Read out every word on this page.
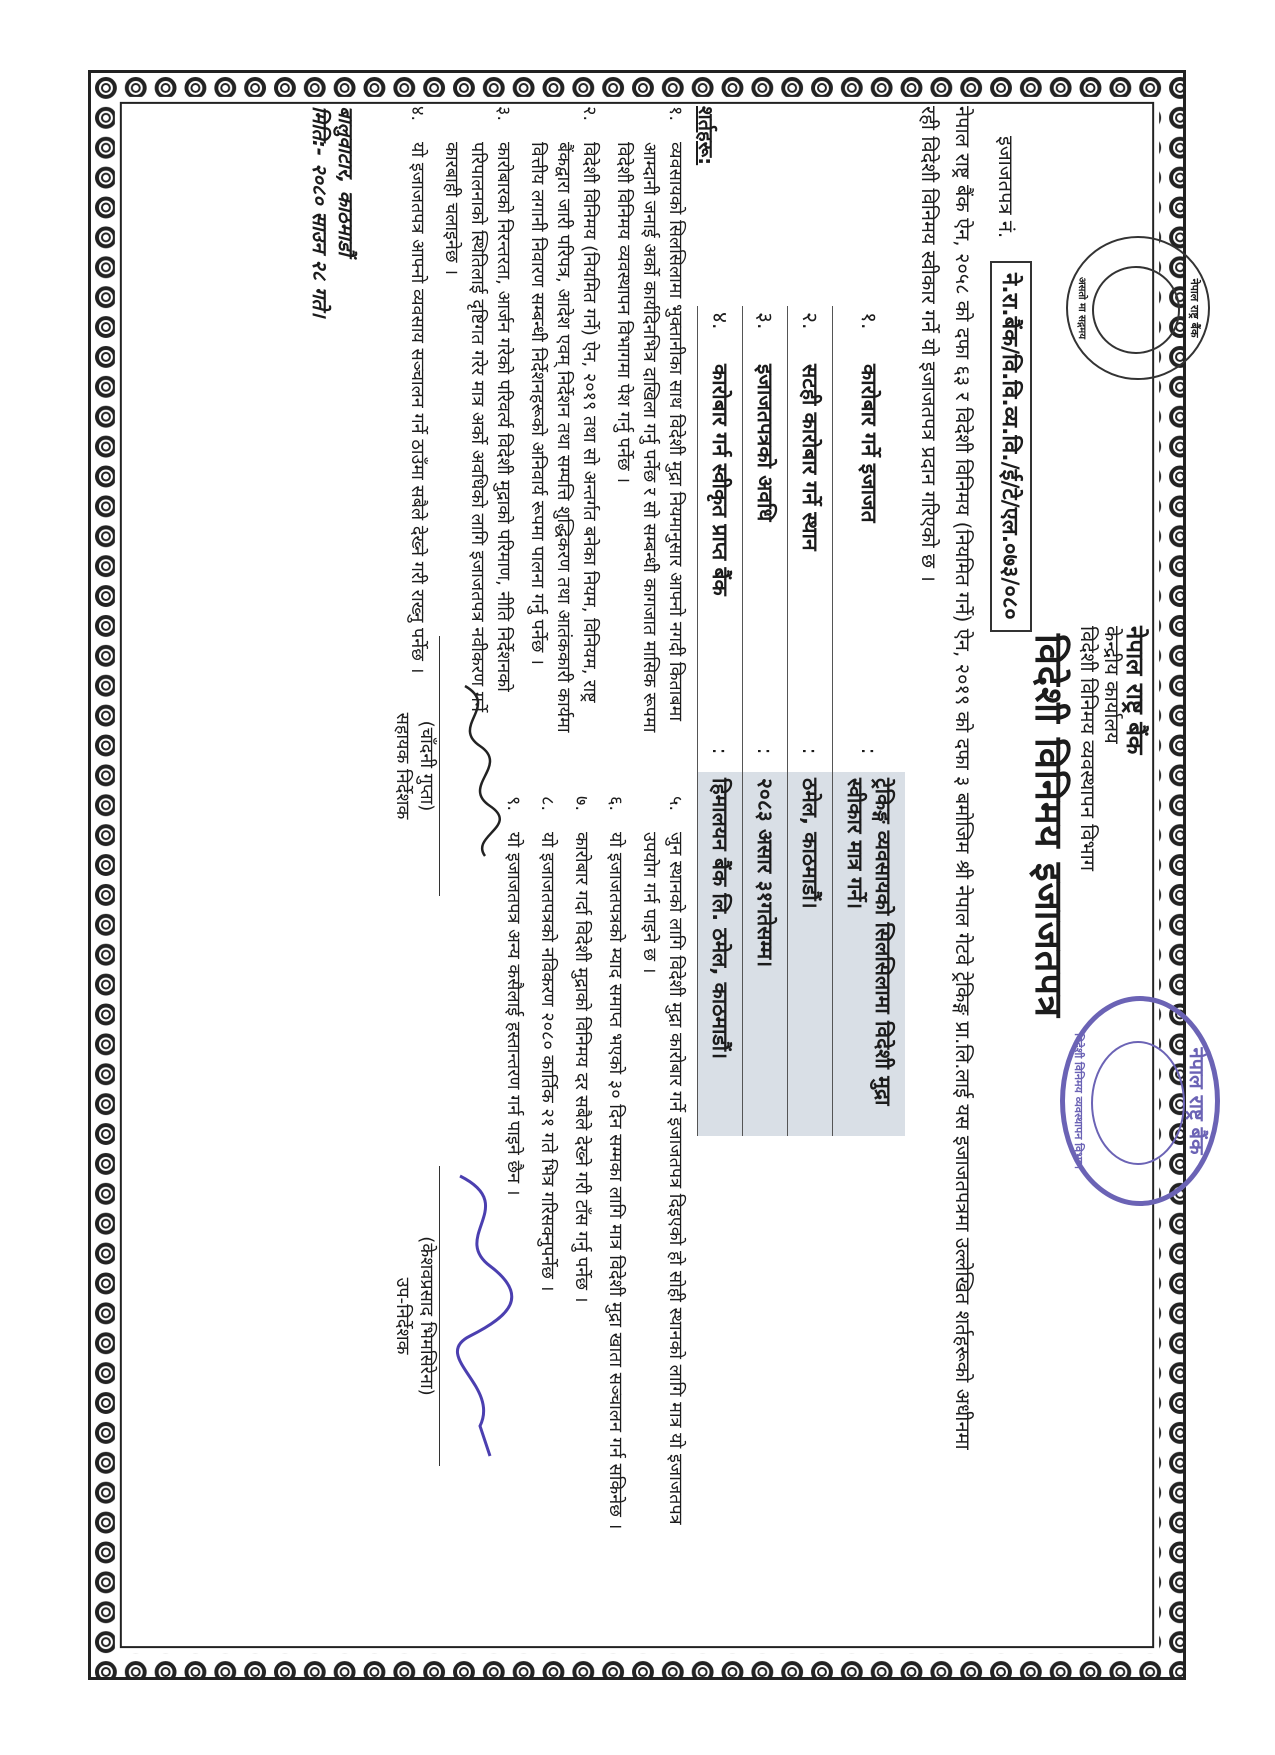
नेपाल राष्ट्र बैंक
असतो मा सद्गमय
नेपाल राष्ट्र बैंक
विदेशी विनिमय व्यवस्थापन विभाग
नेपाल राष्ट्र बैंक
केन्द्रीय कार्यालय
विदेशी विनिमय व्यवस्थापन विभाग
विदेशी विनिमय इजाजतपत्र
इजाजतपत्र नं.
ने.रा.बैंक/वि.वि.व्य.वि./ई/टे/एल.०७३/०८०
नेपाल राष्ट्र बैंक ऐन, २०५८ को दफा ६३ र विदेशी विनिमय (नियमित गर्ने) ऐन, २०१९ को दफा ३ बमोजिम श्री नेपाल गेटवे ट्रेकिङ्ग प्रा.लि.लाई यस इजाजतपत्रमा उल्लेखित शर्तहरूको अधीनमा रही विदेशी विनिमय स्वीकार गर्ने यो इजाजतपत्र प्रदान गरिएको छ ।
१.	कारोबार गर्ने इजाजत	:	ट्रेकिङ्ग व्यवसायको सिलसिलामा विदेशी मुद्रा स्वीकार मात्र गर्ने।
२.	सटही कारोबार गर्ने स्थान	:	ठमेल, काठमाडौं।
३.	इजाजतपत्रको अवधि	:	२०८३ असार ३१गतेसम्म।
४.	कारोबार गर्न स्वीकृत प्राप्त बैंक	:	हिमालयन बैंक लि. ठमेल, काठमाडौं।
शर्तहरू:
१.व्यवसायको सिलसिलामा भुक्तानीका साथ विदेशी मुद्रा नियमानुसार आफ्नो नगदी किताबमा आम्दानी जनाई अर्को कार्यदिनभित्र दाखिला गर्नु पर्नेछ र सो सम्बन्धी कागजात मासिक रूपमा विदेशी विनिमय व्यवस्थापन विभागमा पेश गर्नु पर्नेछ ।
२.विदेशी विनिमय (नियमित गर्ने) ऐन, २०१९ तथा सो अन्तर्गत बनेका नियम, विनियम, राष्ट्र बैंकद्वारा जारी परिपत्र, आदेश एवम् निर्देशन तथा सम्पत्ति शुद्धिकरण तथा आतंककारी कार्यमा वित्तीय लगानी निवारण सम्बन्धी निर्देशनहरूको अनिवार्य रूपमा पालना गर्नु पर्नेछ ।
३.कारोबारको निरन्तरता, आर्जन गरेको परिवर्त्य विदेशी मुद्राको परिमाण, नीति निर्देशनको परिपालनाको स्थितिलाई दृष्टिगत गरेर मात्र अर्को अवधिको लागि इजाजतपत्र नवीकरण गर्ने कारबाही चलाइनेछ ।
४.यो इजाजतपत्र आफ्नो व्यवसाय सञ्चालन गर्ने ठाउँमा सबैले देख्ने गरी राख्नु पर्नेछ ।
५.जुन स्थानको लागि विदेशी मुद्रा कारोबार गर्ने इजाजतपत्र दिइएको हो सोही स्थानको लागि मात्र यो इजाजतपत्र उपयोग गर्न पाइने छ ।
६.यो इजाजतपत्रको म्याद समाप्त भएको ३० दिन सम्मका लागि मात्र विदेशी मुद्रा खाता सञ्चालन गर्न सकिनेछ ।
७.कारोबार गर्दा विदेशी मुद्राको विनिमय दर सबैले देख्ने गरी टाँस गर्नु पर्नेछ ।
८.यो इजाजतपत्रको नविकरण २०८० कार्तिक २१ गते भित्र गरिसक्नुपर्नेछ ।
९.यो इजाजतपत्र अन्य कसैलाई हस्तान्तरण गर्न पाइने छैन ।
(चाँदनी गुप्ता)
सहायक निर्देशक
(केशवप्रसाद भिमसिरेना)
उप-निर्देशक
बालुवाटार, काठमाडौं
मिति:- २०८० साउन २८ गते।
